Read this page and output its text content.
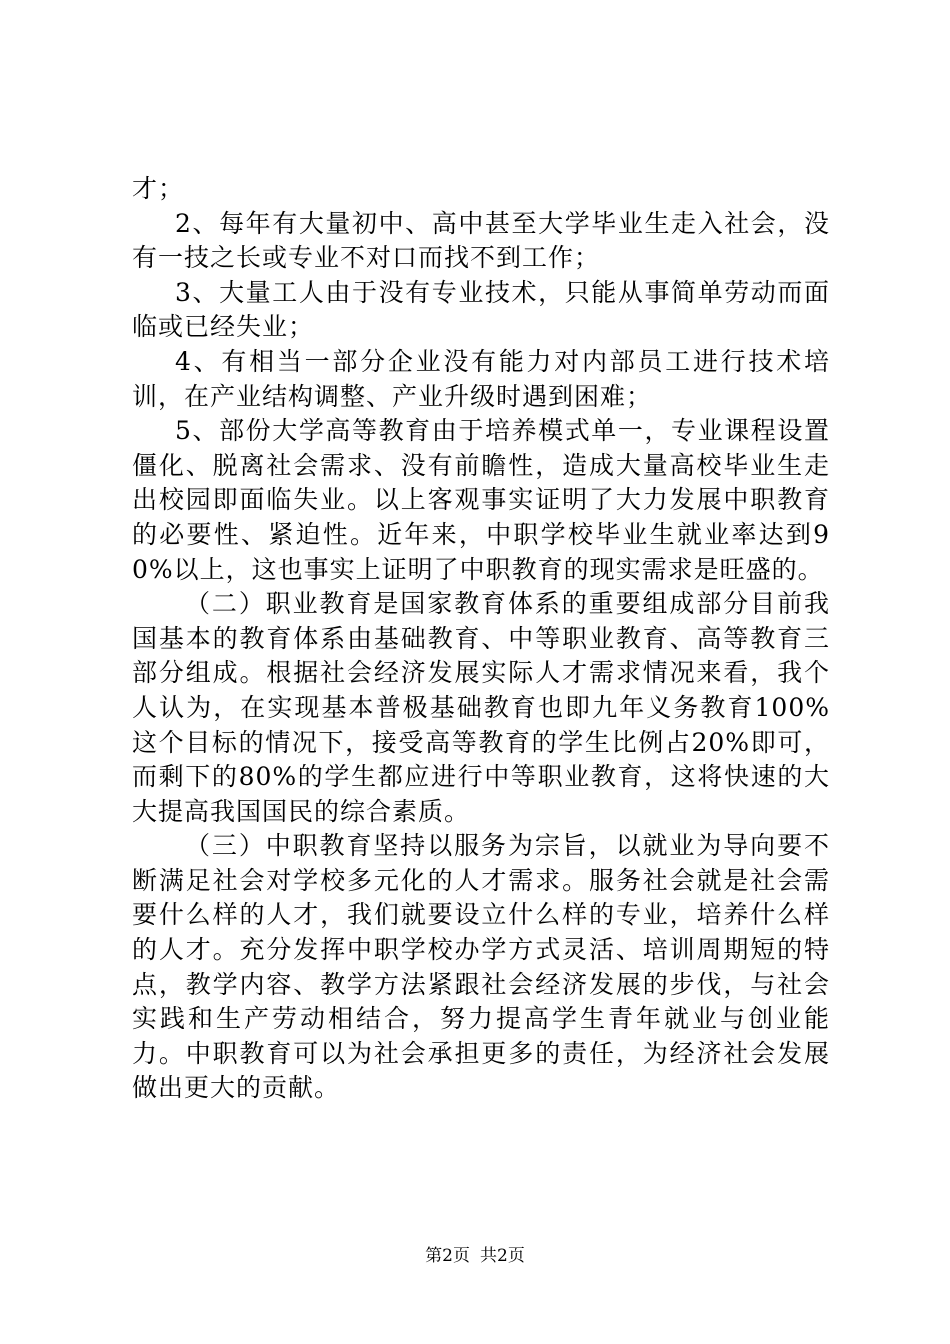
才；

2、每年有大量初中、高中甚至大学毕业生走入社会，没有一技之长或专业不对口而找不到工作；

3、大量工人由于没有专业技术，只能从事简单劳动而面临或已经失业；

4、有相当一部分企业没有能力对内部员工进行技术培训，在产业结构调整、产业升级时遇到困难；

5、部份大学高等教育由于培养模式单一，专业课程设置僵化、脱离社会需求、没有前瞻性，造成大量高校毕业生走出校园即面临失业。以上客观事实证明了大力发展中职教育的必要性、紧迫性。近年来，中职学校毕业生就业率达到90%以上，这也事实上证明了中职教育的现实需求是旺盛的。

（二）职业教育是国家教育体系的重要组成部分目前我国基本的教育体系由基础教育、中等职业教育、高等教育三部分组成。根据社会经济发展实际人才需求情况来看，我个人认为，在实现基本普极基础教育也即九年义务教育100%这个目标的情况下，接受高等教育的学生比例占20%即可，而剩下的80%的学生都应进行中等职业教育，这将快速的大大提高我国国民的综合素质。

（三）中职教育坚持以服务为宗旨，以就业为导向要不断满足社会对学校多元化的人才需求。服务社会就是社会需要什么样的人才，我们就要设立什么样的专业，培养什么样的人才。充分发挥中职学校办学方式灵活、培训周期短的特点，教学内容、教学方法紧跟社会经济发展的步伐，与社会实践和生产劳动相结合，努力提高学生青年就业与创业能力。中职教育可以为社会承担更多的责任，为经济社会发展做出更大的贡献。

第2页 共2页
